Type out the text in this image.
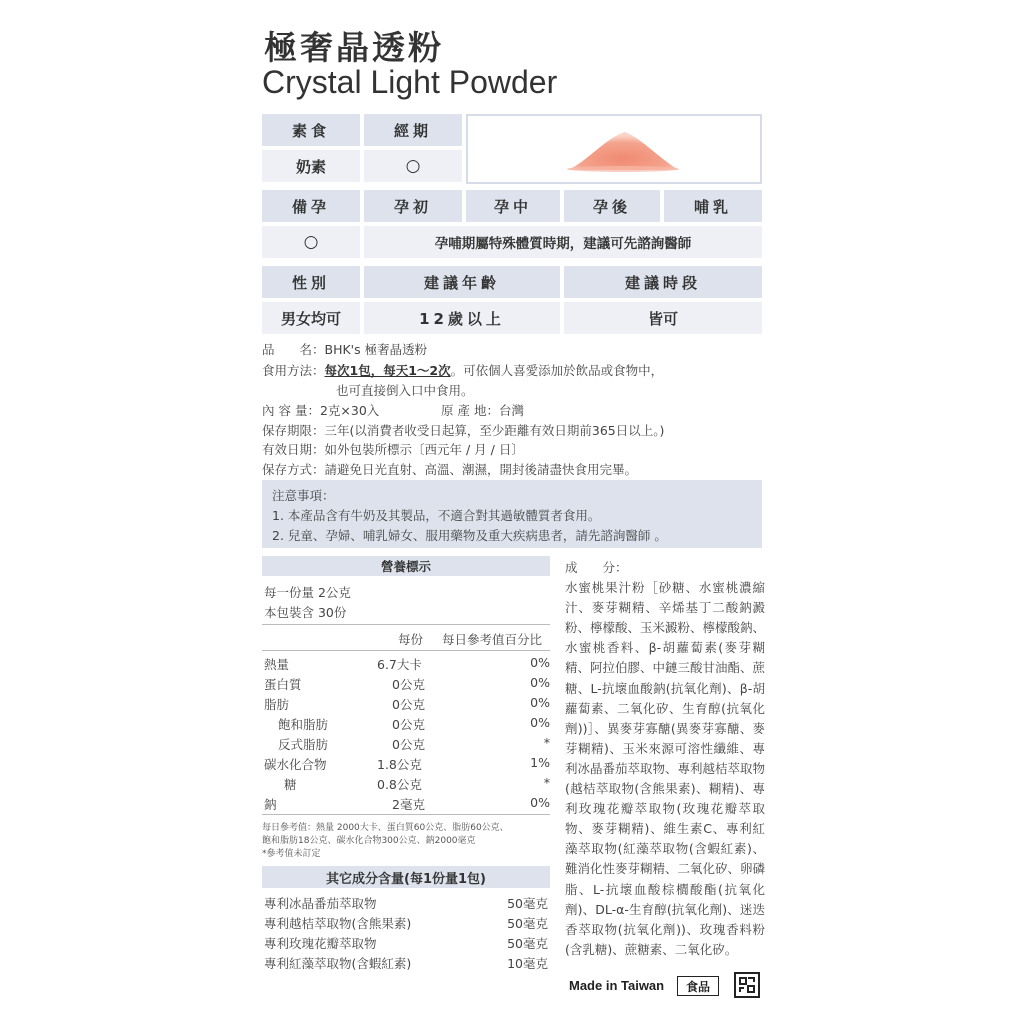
極奢晶透粉
Crystal Light Powder
素食	經期
奶素	○
備孕	孕初	孕中	孕後	哺乳
○	孕哺期屬特殊體質時期，建議可先諮詢醫師
性別	建議年齡	建議時段
男女均可	12歲以上	皆可
品　　名：BHK's 極奢晶透粉
食用方法：每次1包，每天1～2次。可依個人喜愛添加於飲品或食物中，
也可直接倒入口中食用。
內 容 量：2克×30入	原 產 地：台灣
保存期限：三年(以消費者收受日起算，至少距離有效日期前365日以上。)
有效日期：如外包裝所標示〔西元年 / 月 / 日〕
保存方式：請避免日光直射、高溫、潮濕，開封後請盡快食用完畢。
注意事項：
1. 本產品含有牛奶及其製品，不適合對其過敏體質者食用。
2. 兒童、孕婦、哺乳婦女、服用藥物及重大疾病患者，請先諮詢醫師 。
營養標示
每一份量 2公克
本包裝含 30份
每份 每日參考值百分比
熱量	6.7大卡	0%
蛋白質	0公克	0%
脂肪	0公克	0%
飽和脂肪	0公克	0%
反式脂肪	0公克	*
碳水化合物	1.8公克	1%
糖	0.8公克	*
鈉	2毫克	0%
每日參考值：熱量 2000大卡、蛋白質60公克、脂肪60公克、
飽和脂肪18公克、碳水化合物300公克、鈉2000毫克
*參考值未訂定
其它成分含量(每1份量1包)
專利冰晶番茄萃取物	50毫克
專利越桔萃取物(含熊果素)	50毫克
專利玫瑰花瓣萃取物	50毫克
專利紅藻萃取物(含蝦紅素)	10毫克
成　　分：
水蜜桃果汁粉［砂糖、水蜜桃濃縮汁、麥芽糊精、辛烯基丁二酸鈉澱粉、檸檬酸、玉米澱粉、檸檬酸鈉、水蜜桃香料、β-胡蘿蔔素(麥芽糊精、阿拉伯膠、中鏈三酸甘油酯、蔗糖、L-抗壞血酸鈉(抗氧化劑)、β-胡蘿蔔素、二氧化矽、生育醇(抗氧化劑))］、異麥芽寡醣(異麥芽寡醣、麥芽糊精)、玉米來源可溶性纖維、專利冰晶番茄萃取物、專利越桔萃取物(越桔萃取物(含熊果素)、糊精)、專利玫瑰花瓣萃取物(玫瑰花瓣萃取物、麥芽糊精)、維生素C、專利紅藻萃取物(紅藻萃取物(含蝦紅素)、難消化性麥芽糊精、二氧化矽、卵磷脂、L-抗壞血酸棕櫚酸酯(抗氧化劑)、DL-α-生育醇(抗氧化劑)、迷迭香萃取物(抗氧化劑))、玫瑰香料粉(含乳糖)、蔗糖素、二氧化矽。
Made in Taiwan	食品
